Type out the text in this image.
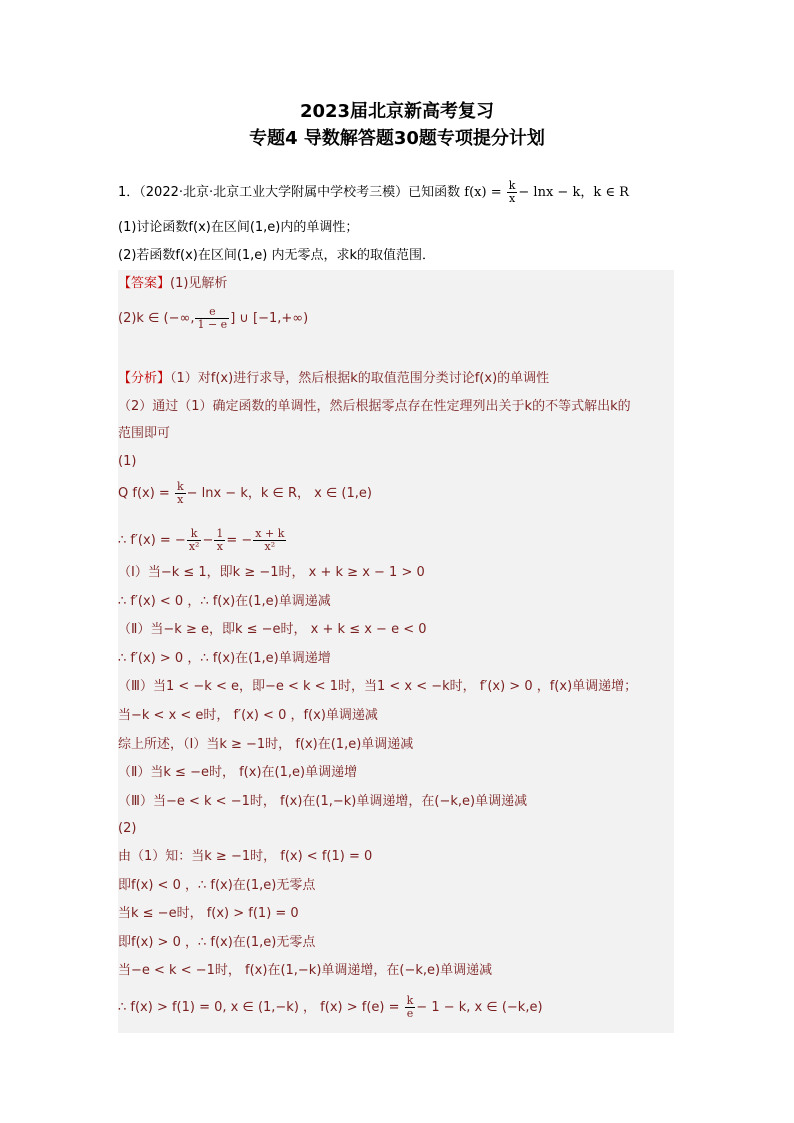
2023届北京新高考复习
专题4 导数解答题30题专项提分计划
1．（2022·北京·北京工业大学附属中学校考三模）已知函数 $f(x) = \frac{k}{x} - \ln x - k$，k ∈ R
(1)讨论函数f(x)在区间(1,e)内的单调性；
(2)若函数f(x)在区间(1,e) 内无零点，求k的取值范围．
【答案】(1)见解析
(2)k ∈ (−∞, $\frac{e}{1 - e}$ ] ∪ [−1,+∞)
【分析】（1）对f(x)进行求导，然后根据k的取值范围分类讨论f(x)的单调性
（2）通过（1）确定函数的单调性，然后根据零点存在性定理列出关于k的不等式解出k的
范围即可
(1)
Q $f(x) = \frac{k}{x} - \ln x - k$，k ∈ R， x ∈ (1,e)
∴ f′(x) = − $\frac{k}{\text{x²}} - \frac{1}{x}$ = − $\frac{x + k}{\text{x²}}$
（Ⅰ）当−k ≤ 1，即k ≥ −1时， x + k ≥ x − 1 > 0
∴ f′(x) < 0 ，∴ f(x)在(1,e)单调递减
（Ⅱ）当−k ≥ e，即k ≤ −e时， x + k ≤ x − e < 0
∴ f′(x) > 0 ，∴ f(x)在(1,e)单调递增
（Ⅲ）当1 < −k < e，即−e < k < 1时，当1 < x < −k时， f′(x) > 0 ，f(x)单调递增；
当−k < x < e时， f′(x) < 0 ，f(x)单调递减
综上所述，（Ⅰ）当k ≥ −1时， f(x)在(1,e)单调递减
（Ⅱ）当k ≤ −e时， f(x)在(1,e)单调递增
（Ⅲ）当−e < k < −1时， f(x)在(1,−k)单调递增，在(−k,e)单调递减
(2)
由（1）知：当k ≥ −1时， f(x) < f(1) = 0
即f(x) < 0 ，∴ f(x)在(1,e)无零点
当k ≤ −e时， f(x) > f(1) = 0
即f(x) > 0 ，∴ f(x)在(1,e)无零点
当−e < k < −1时， f(x)在(1,−k)单调递增，在(−k,e)单调递减
∴ f(x) > f(1) = 0, x ∈ (1,−k) ， $f(x) > f(e) = \frac{k}{e} - 1 - k$, x ∈ (−k,e)
